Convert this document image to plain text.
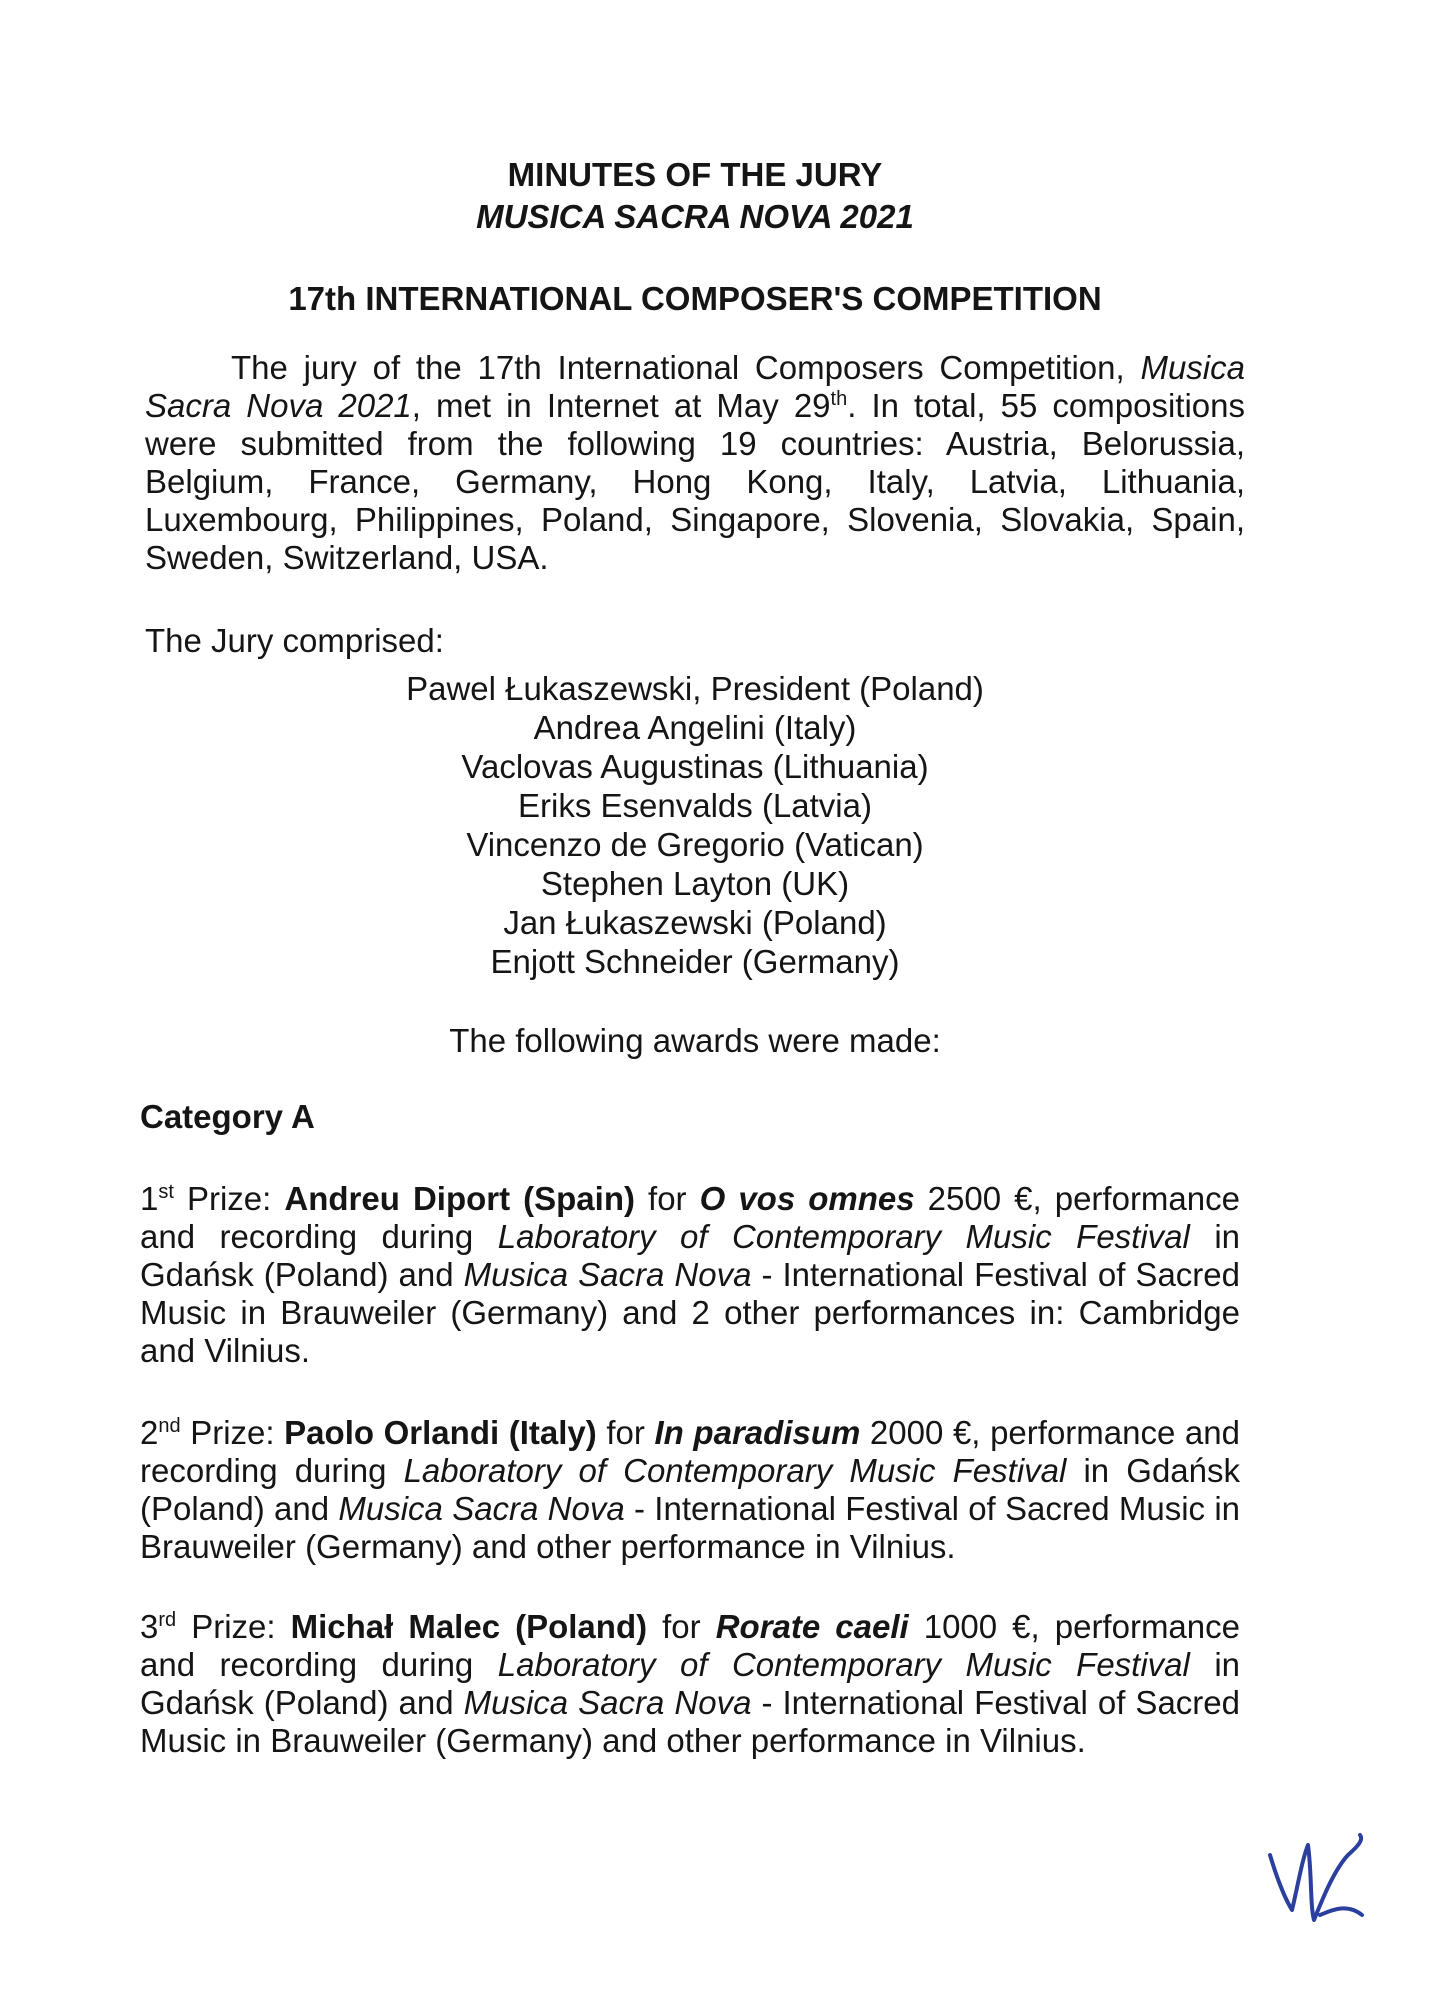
MINUTES OF THE JURY
MUSICA SACRA NOVA 2021
17th INTERNATIONAL COMPOSER'S COMPETITION
The jury of the 17th International Composers Competition, Musica Sacra Nova 2021, met in Internet at May 29th. In total, 55 compositions were submitted from the following 19 countries: Austria, Belorussia, Belgium, France, Germany, Hong Kong, Italy, Latvia, Lithuania, Luxembourg, Philippines, Poland, Singapore, Slovenia, Slovakia, Spain, Sweden, Switzerland, USA.
The Jury comprised:
Pawel Łukaszewski, President (Poland)
Andrea Angelini (Italy)
Vaclovas Augustinas (Lithuania)
Eriks Esenvalds (Latvia)
Vincenzo de Gregorio (Vatican)
Stephen Layton (UK)
Jan Łukaszewski (Poland)
Enjott Schneider (Germany)
The following awards were made:
Category A

1st Prize: Andreu Diport (Spain) for O vos omnes 2500 €, performance and recording during Laboratory of Contemporary Music Festival in Gdańsk (Poland) and Musica Sacra Nova - International Festival of Sacred Music in Brauweiler (Germany) and 2 other performances in: Cambridge and Vilnius.

2nd Prize: Paolo Orlandi (Italy) for In paradisum 2000 €, performance and recording during Laboratory of Contemporary Music Festival in Gdańsk (Poland) and Musica Sacra Nova - International Festival of Sacred Music in Brauweiler (Germany) and other performance in Vilnius.

3rd Prize: Michał Malec (Poland) for Rorate caeli 1000 €, performance and recording during Laboratory of Contemporary Music Festival in Gdańsk (Poland) and Musica Sacra Nova - International Festival of Sacred Music in Brauweiler (Germany) and other performance in Vilnius.
